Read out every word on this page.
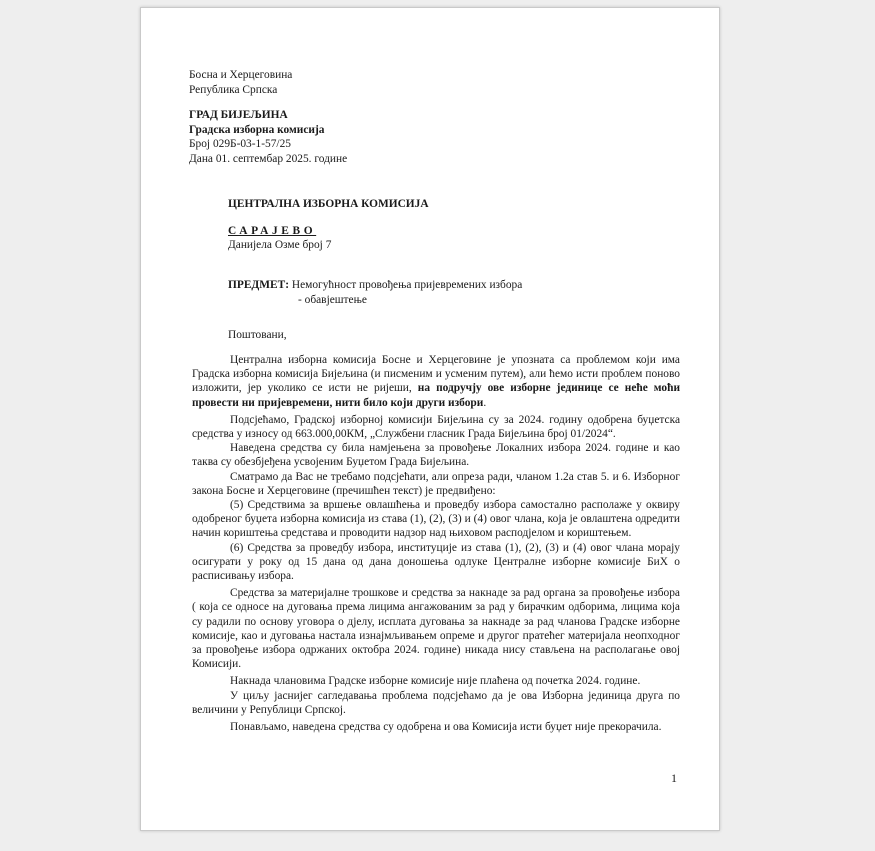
Босна и Херцеговина
Република Српска
ГРАД БИЈЕЉИНА
Градска изборна комисија
Број 029Б-03-1-57/25
Дана 01. септембар 2025. године
ЦЕНТРАЛНА ИЗБОРНА КОМИСИЈА
САРАЈЕВО
Данијела Озме број 7
ПРЕДМЕТ: Немогућност провођења пријевремених избора
- обавјештење
Поштовани,

Централна изборна комисија Босне и Херцеговине је упозната са проблемом који има Градска изборна комисија Бијељина (и писменим и усменим путем), али ћемо исти проблем поново изложити, јер уколико се исти не ријеши, на подручју ове изборне јединице се неће моћи провести ни пријевремени, нити било који други избори.

Подсјећамо, Градској изборној комисији Бијељина су за 2024. годину одобрена буџетска средства у износу од 663.000,00КМ, „Службени гласник Града Бијељина број 01/2024“.

Наведена средства су била намјењена за провођење Локалних избора 2024. године и као таква су обезбјеђена усвојеним Буџетом Града Бијељина.

Сматрамо да Вас не требамо подсјећати, али опреза ради, чланом 1.2а став 5. и 6. Изборног закона Босне и Херцеговине (пречишћен текст) је предвиђено:

(5) Средствима за вршење овлашћења и проведбу избора самостално располаже у оквиру одобреног буџета изборна комисија из става (1), (2), (3) и (4) овог члана, која је овлаштена одредити начин кориштења средстава и проводити надзор над њиховом расподјелом и кориштењем.

(6) Средства за проведбу избора, институције из става (1), (2), (3) и (4) овог члана морају осигурати у року од 15 дана од дана доношења одлуке Централне изборне комисије БиХ о расписивању избора.

Средства за материјалне трошкове и средства за накнаде за рад органа за провођење избора ( која се односе на дуговања према лицима ангажованим за рад у бирачким одборима, лицима која су радили по основу уговора о дјелу, исплата дуговања за накнаде за рад чланова Градске изборне комисије, као и дуговања настала изнајмљивањем опреме и другог пратећег материјала неопходног за провођење избора одржаних октобра 2024. године) никада нису стављена на располагање овој Комисији.

Накнада члановима Градске изборне комисије није плаћена од почетка 2024. године.

У циљу јаснијег сагледавања проблема подсјећамо да је ова Изборна јединица друга по величини у Републици Српској.

Понављамо, наведена средства су одобрена и ова Комисија исти буџет није прекорачила.

1
